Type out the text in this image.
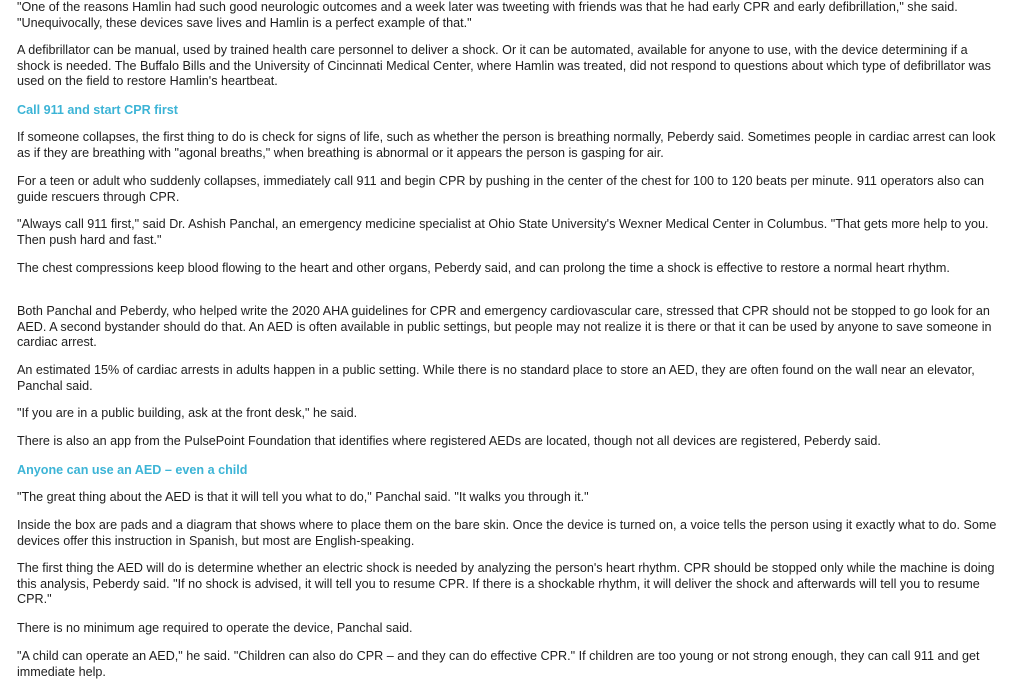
"One of the reasons Hamlin had such good neurologic outcomes and a week later was tweeting with friends was that he had early CPR and early defibrillation," she said. "Unequivocally, these devices save lives and Hamlin is a perfect example of that."

A defibrillator can be manual, used by trained health care personnel to deliver a shock. Or it can be automated, available for anyone to use, with the device determining if a shock is needed. The Buffalo Bills and the University of Cincinnati Medical Center, where Hamlin was treated, did not respond to questions about which type of defibrillator was used on the field to restore Hamlin's heartbeat.

Call 911 and start CPR first

If someone collapses, the first thing to do is check for signs of life, such as whether the person is breathing normally, Peberdy said. Sometimes people in cardiac arrest can look as if they are breathing with "agonal breaths," when breathing is abnormal or it appears the person is gasping for air.

For a teen or adult who suddenly collapses, immediately call 911 and begin CPR by pushing in the center of the chest for 100 to 120 beats per minute. 911 operators also can guide rescuers through CPR.

"Always call 911 first," said Dr. Ashish Panchal, an emergency medicine specialist at Ohio State University's Wexner Medical Center in Columbus. "That gets more help to you. Then push hard and fast."

The chest compressions keep blood flowing to the heart and other organs, Peberdy said, and can prolong the time a shock is effective to restore a normal heart rhythm.

Both Panchal and Peberdy, who helped write the 2020 AHA guidelines for CPR and emergency cardiovascular care, stressed that CPR should not be stopped to go look for an AED. A second bystander should do that. An AED is often available in public settings, but people may not realize it is there or that it can be used by anyone to save someone in cardiac arrest.

An estimated 15% of cardiac arrests in adults happen in a public setting. While there is no standard place to store an AED, they are often found on the wall near an elevator, Panchal said.

"If you are in a public building, ask at the front desk," he said.

There is also an app from the PulsePoint Foundation that identifies where registered AEDs are located, though not all devices are registered, Peberdy said.

Anyone can use an AED – even a child

"The great thing about the AED is that it will tell you what to do," Panchal said. "It walks you through it."

Inside the box are pads and a diagram that shows where to place them on the bare skin. Once the device is turned on, a voice tells the person using it exactly what to do. Some devices offer this instruction in Spanish, but most are English-speaking.

The first thing the AED will do is determine whether an electric shock is needed by analyzing the person's heart rhythm. CPR should be stopped only while the machine is doing this analysis, Peberdy said. "If no shock is advised, it will tell you to resume CPR. If there is a shockable rhythm, it will deliver the shock and afterwards will tell you to resume CPR."

There is no minimum age required to operate the device, Panchal said.

"A child can operate an AED," he said. "Children can also do CPR – and they can do effective CPR." If children are too young or not strong enough, they can call 911 and get immediate help.
